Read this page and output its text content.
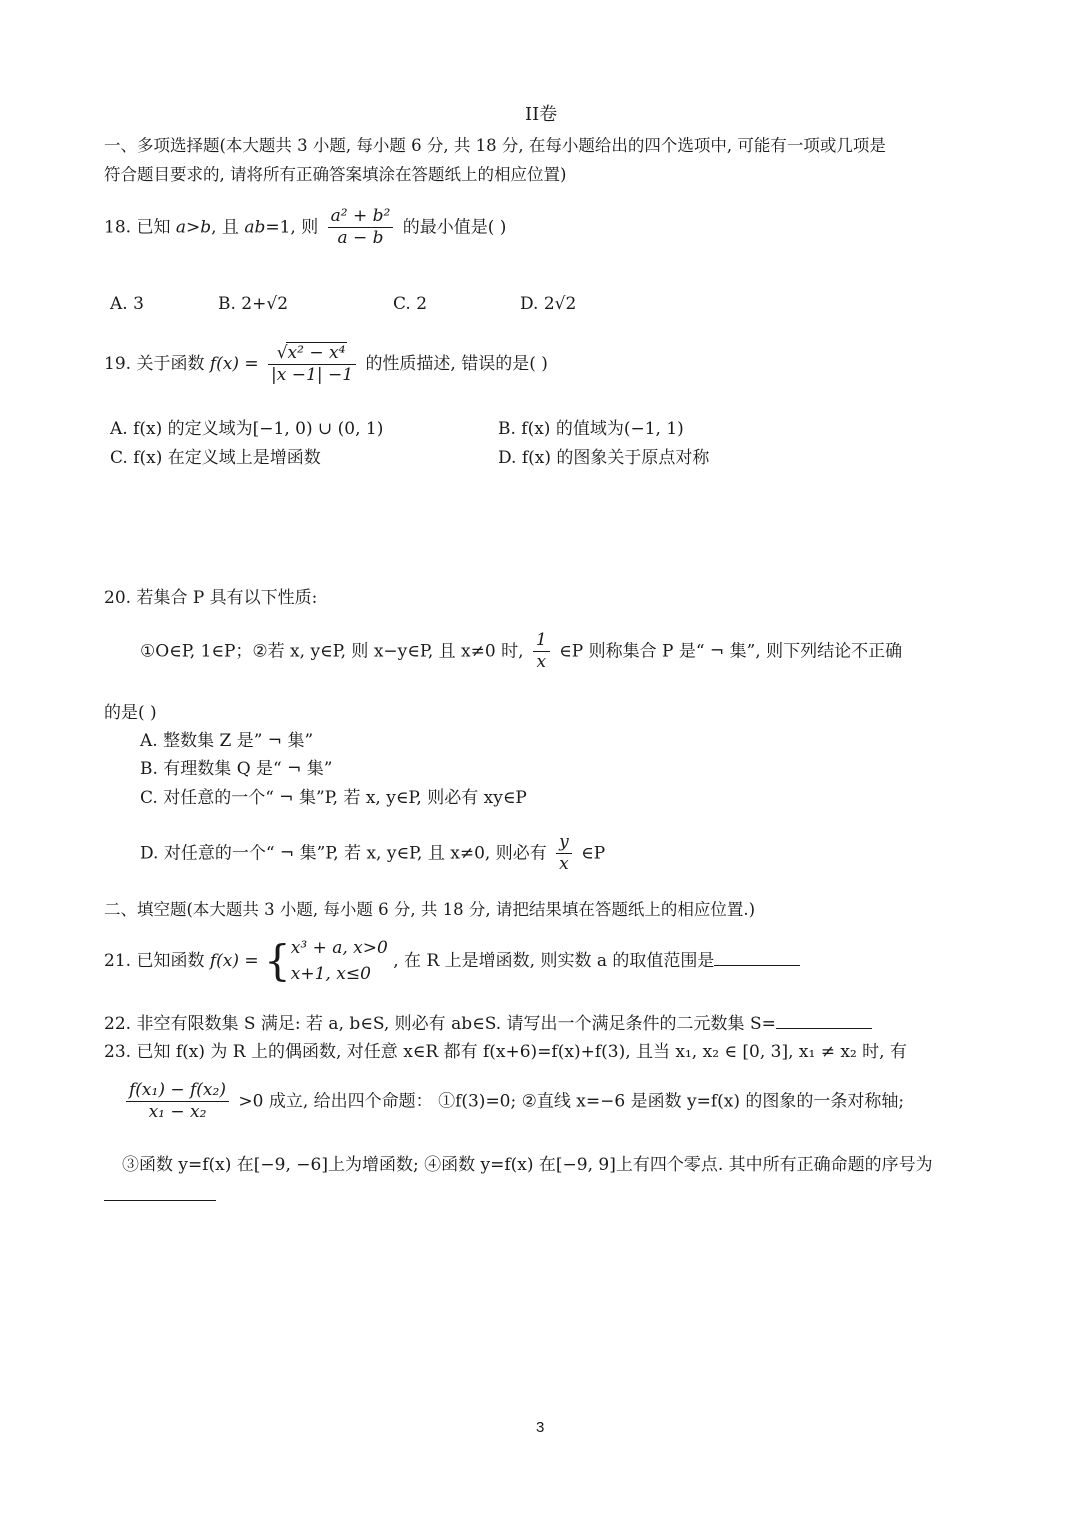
II卷
一、多项选择题(本大题共 3 小题, 每小题 6 分, 共 18 分, 在每小题给出的四个选项中, 可能有一项或几项是
符合题目要求的, 请将所有正确答案填涂在答题纸上的相应位置)
18. 已知 a>b, 且 ab=1, 则 $\frac{\text{a² + b²}}{a - b}$ 的最小值是( )
A. 3	B. 2+√2	C. 2	D. 2√2
19. 关于函数 $f(x) = \frac{\text{√x² − x⁴}}{|x -1| -1}$ 的性质描述, 错误的是( )
A. f(x) 的定义域为[−1, 0) ∪ (0, 1)	B. f(x) 的值域为(−1, 1)
C. f(x) 在定义域上是增函数	D. f(x) 的图象关于原点对称
20. 若集合 P 具有以下性质:
①O∈P, 1∈P；②若 x, y∈P, 则 x−y∈P, 且 x≠0 时, $\frac{1}{x}$ ∈P 则称集合 P 是“ ¬ 集”, 则下列结论不正确
的是( )
A. 整数集 Z 是” ¬ 集”
B. 有理数集 Q 是“ ¬ 集”
C. 对任意的一个“ ¬ 集”P, 若 x, y∈P, 则必有 xy∈P
D. 对任意的一个“ ¬ 集”P, 若 x, y∈P, 且 x≠0, 则必有 $\frac{y}{x}$ ∈P
二、填空题(本大题共 3 小题, 每小题 6 分, 共 18 分, 请把结果填在答题纸上的相应位置.)
21. 已知函数 f(x) = { x³ + a, x>0
x+1, x≤0
, 在 R 上是增函数, 则实数 a 的取值范围是
22. 非空有限数集 S 满足: 若 a, b∈S, 则必有 ab∈S. 请写出一个满足条件的二元数集 S=
23. 已知 f(x) 为 R 上的偶函数, 对任意 x∈R 都有 f(x+6)=f(x)+f(3), 且当 x₁, x₂ ∈ [0, 3], x₁ ≠ x₂ 时, 有
$\frac{\text{f(x₁) − f(x₂)}}{\text{x₁ − x₂}} >0$ 成立, 给出四个命题： ①f(3)=0; ②直线 x=−6 是函数 y=f(x) 的图象的一条对称轴;
③函数 y=f(x) 在[−9, −6]上为增函数; ④函数 y=f(x) 在[−9, 9]上有四个零点. 其中所有正确命题的序号为
3
